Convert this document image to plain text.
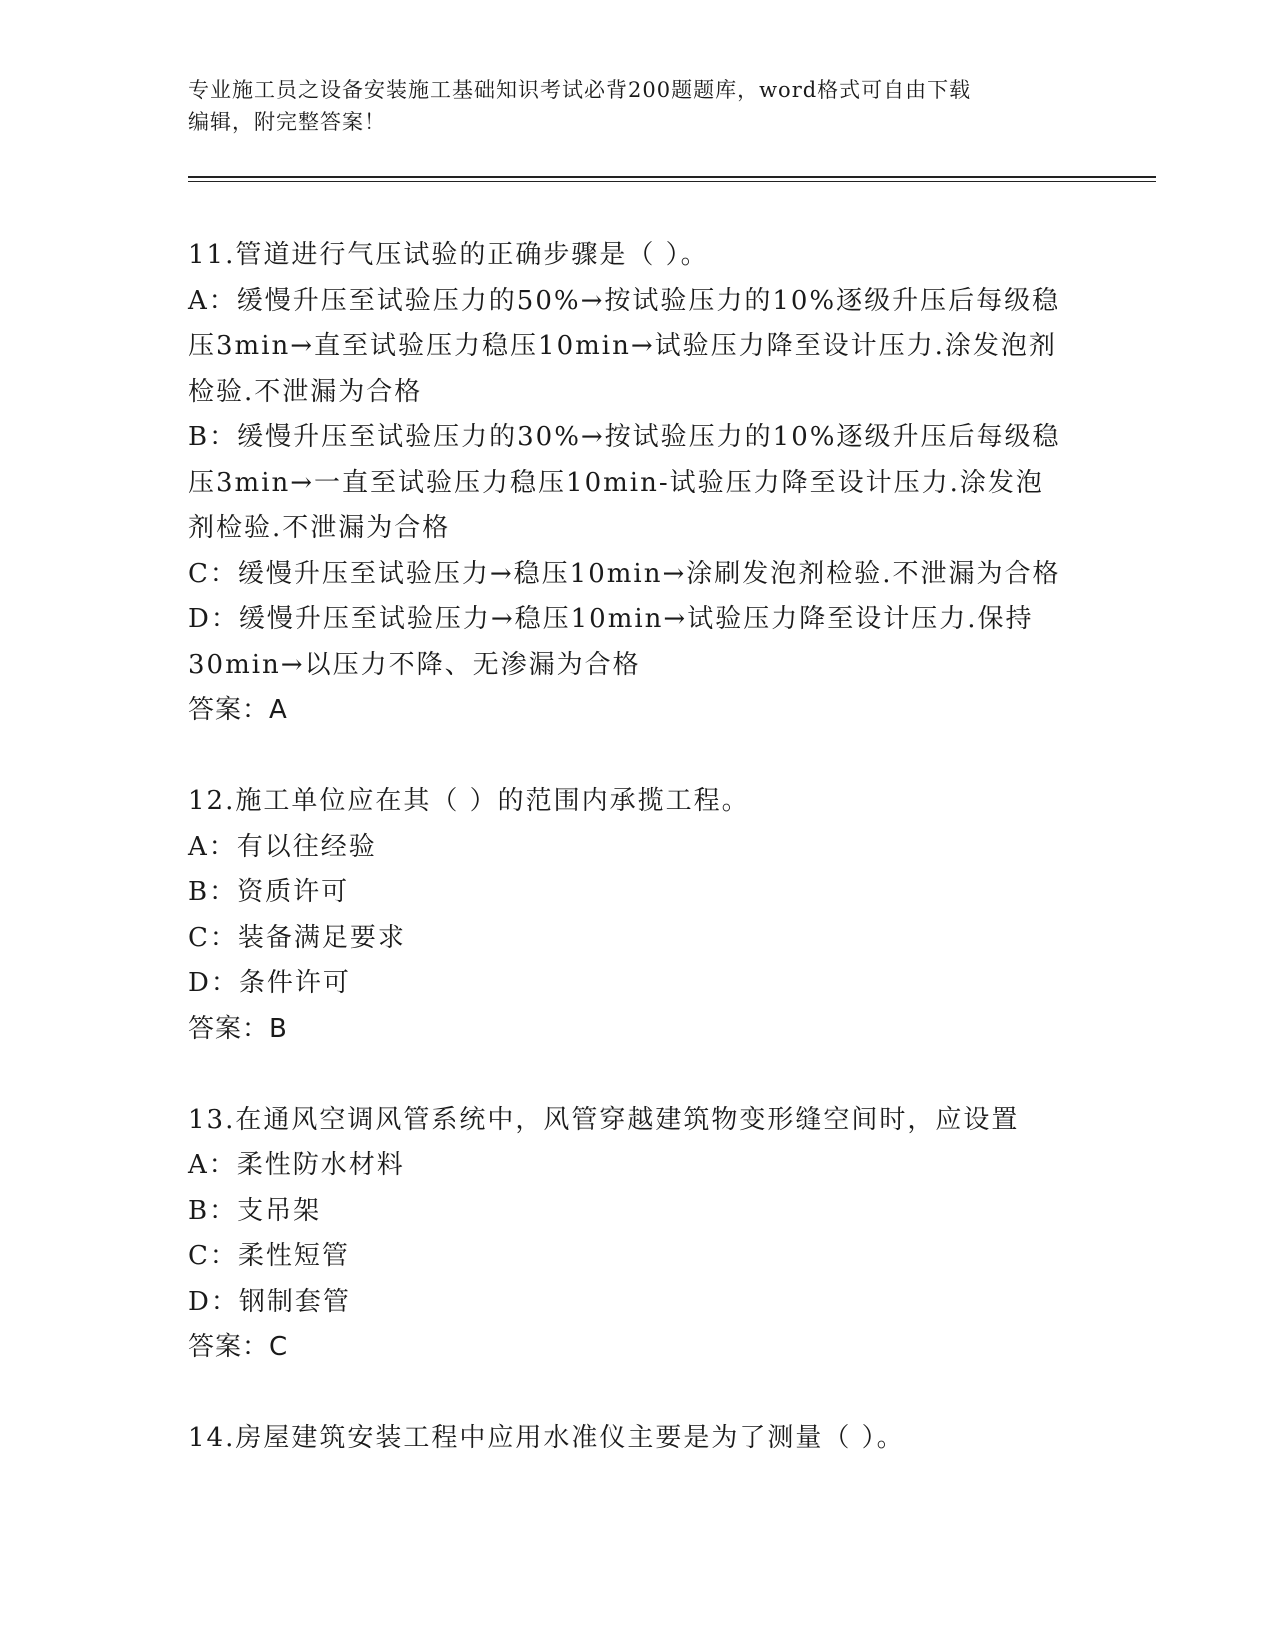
专业施工员之设备安装施工基础知识考试必背200题题库，word格式可自由下载
编辑，附完整答案！
11.管道进行气压试验的正确步骤是（ ）。
A：缓慢升压至试验压力的50%→按试验压力的10%逐级升压后每级稳
压3min→直至试验压力稳压10min→试验压力降至设计压力.涂发泡剂
检验.不泄漏为合格
B：缓慢升压至试验压力的30%→按试验压力的10%逐级升压后每级稳
压3min→一直至试验压力稳压10min-试验压力降至设计压力.涂发泡
剂检验.不泄漏为合格
C：缓慢升压至试验压力→稳压10min→涂刷发泡剂检验.不泄漏为合格
D：缓慢升压至试验压力→稳压10min→试验压力降至设计压力.保持
30min→以压力不降、无渗漏为合格
答案：A
12.施工单位应在其（ ）的范围内承揽工程。
A：有以往经验
B：资质许可
C：装备满足要求
D：条件许可
答案：B
13.在通风空调风管系统中，风管穿越建筑物变形缝空间时，应设置
A：柔性防水材料
B：支吊架
C：柔性短管
D：钢制套管
答案：C
14.房屋建筑安装工程中应用水准仪主要是为了测量（ ）。
